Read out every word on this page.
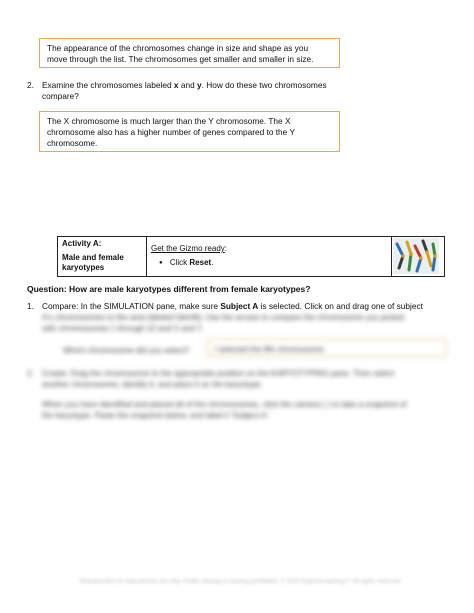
The appearance of the chromosomes change in size and shape as you
move through the list. The chromosomes get smaller and smaller in size.
2. Examine the chromosomes labeled x and y. How do these two chromosomes
compare?
The X chromosome is much larger than the Y chromosome. The X
chromosome also has a higher number of genes compared to the Y
chromosome.
Activity A:
Male and female
karyotypes

Get the Gizmo ready:
● Click Reset.

Question: How are male karyotypes different from female karyotypes?
1. Compare: In the SIMULATION pane, make sure Subject A is selected. Click on and drag one of subject
A's chromosomes to the area labeled Identify. Use the arrows to compare the chromosome you picked
with chromosomes 1 through 22 and X and Y.
Which chromosome did you select?	I selected the 8th chromosome.
2. Create: Drag the chromosome to the appropriate position on the KARYOTYPING pane. Then select
another chromosome, identify it, and place it on the karyotype.
When you have identified and placed all of the chromosomes, click the camera ( ) to take a snapshot of
the karyotype. Paste the snapshot below, and label it 'Subject A.'
Reproduction for educational use only. Public sharing or posting prohibited. © 2020 ExploreLearning™ All rights reserved
